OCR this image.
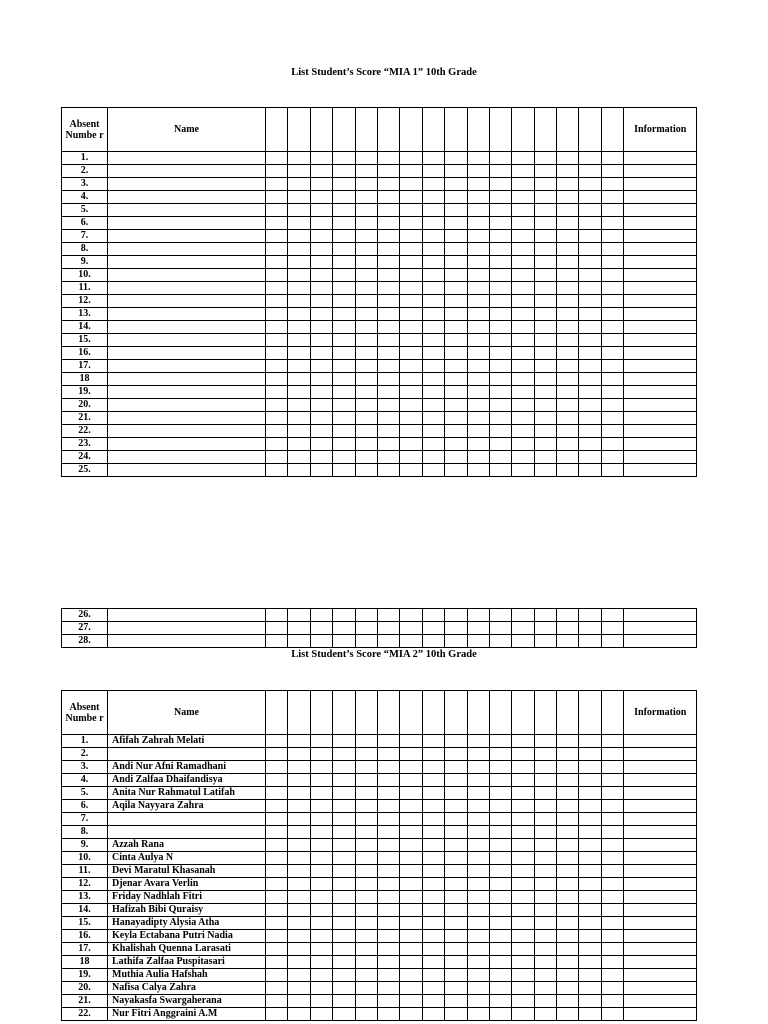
List Student’s Score “MIA 1” 10th Grade
Absent Numbe r	Name																	Information
1.																		
2.																		
3.																		
4.																		
5.																		
6.																		
7.																		
8.																		
9.																		
10.																		
11.																		
12.																		
13.																		
14.																		
15.																		
16.																		
17.																		
18																		
19.																		
20.																		
21.																		
22.																		
23.																		
24.																		
25.																		
26.																		
27.																		
28.																		
List Student’s Score “MIA 2” 10th Grade
Absent Numbe r	Name																	Information
1.	Afifah Zahrah Melati																	
2.																		
3.	Andi Nur Afni Ramadhani																	
4.	Andi Zalfaa Dhaifandisya																	
5.	Anita Nur Rahmatul Latifah																	
6.	Aqila Nayyara Zahra																	
7.																		
8.																		
9.	Azzah Rana																	
10.	Cinta Aulya N																	
11.	Devi Maratul Khasanah																	
12.	Djenar Avara Verlin																	
13.	Friday Nadhlah Fitri																	
14.	Hafizah Bibi Quraisy																	
15.	Hanayadipty Alysia Atha																	
16.	Keyla Ectabana Putri Nadia																	
17.	Khalishah Quenna Larasati																	
18	Lathifa Zalfaa Puspitasari																	
19.	Muthia Aulia Hafshah																	
20.	Nafisa Calya Zahra																	
21.	Nayakasfa Swargaherana																	
22.	Nur Fitri Anggraini A.M																	
